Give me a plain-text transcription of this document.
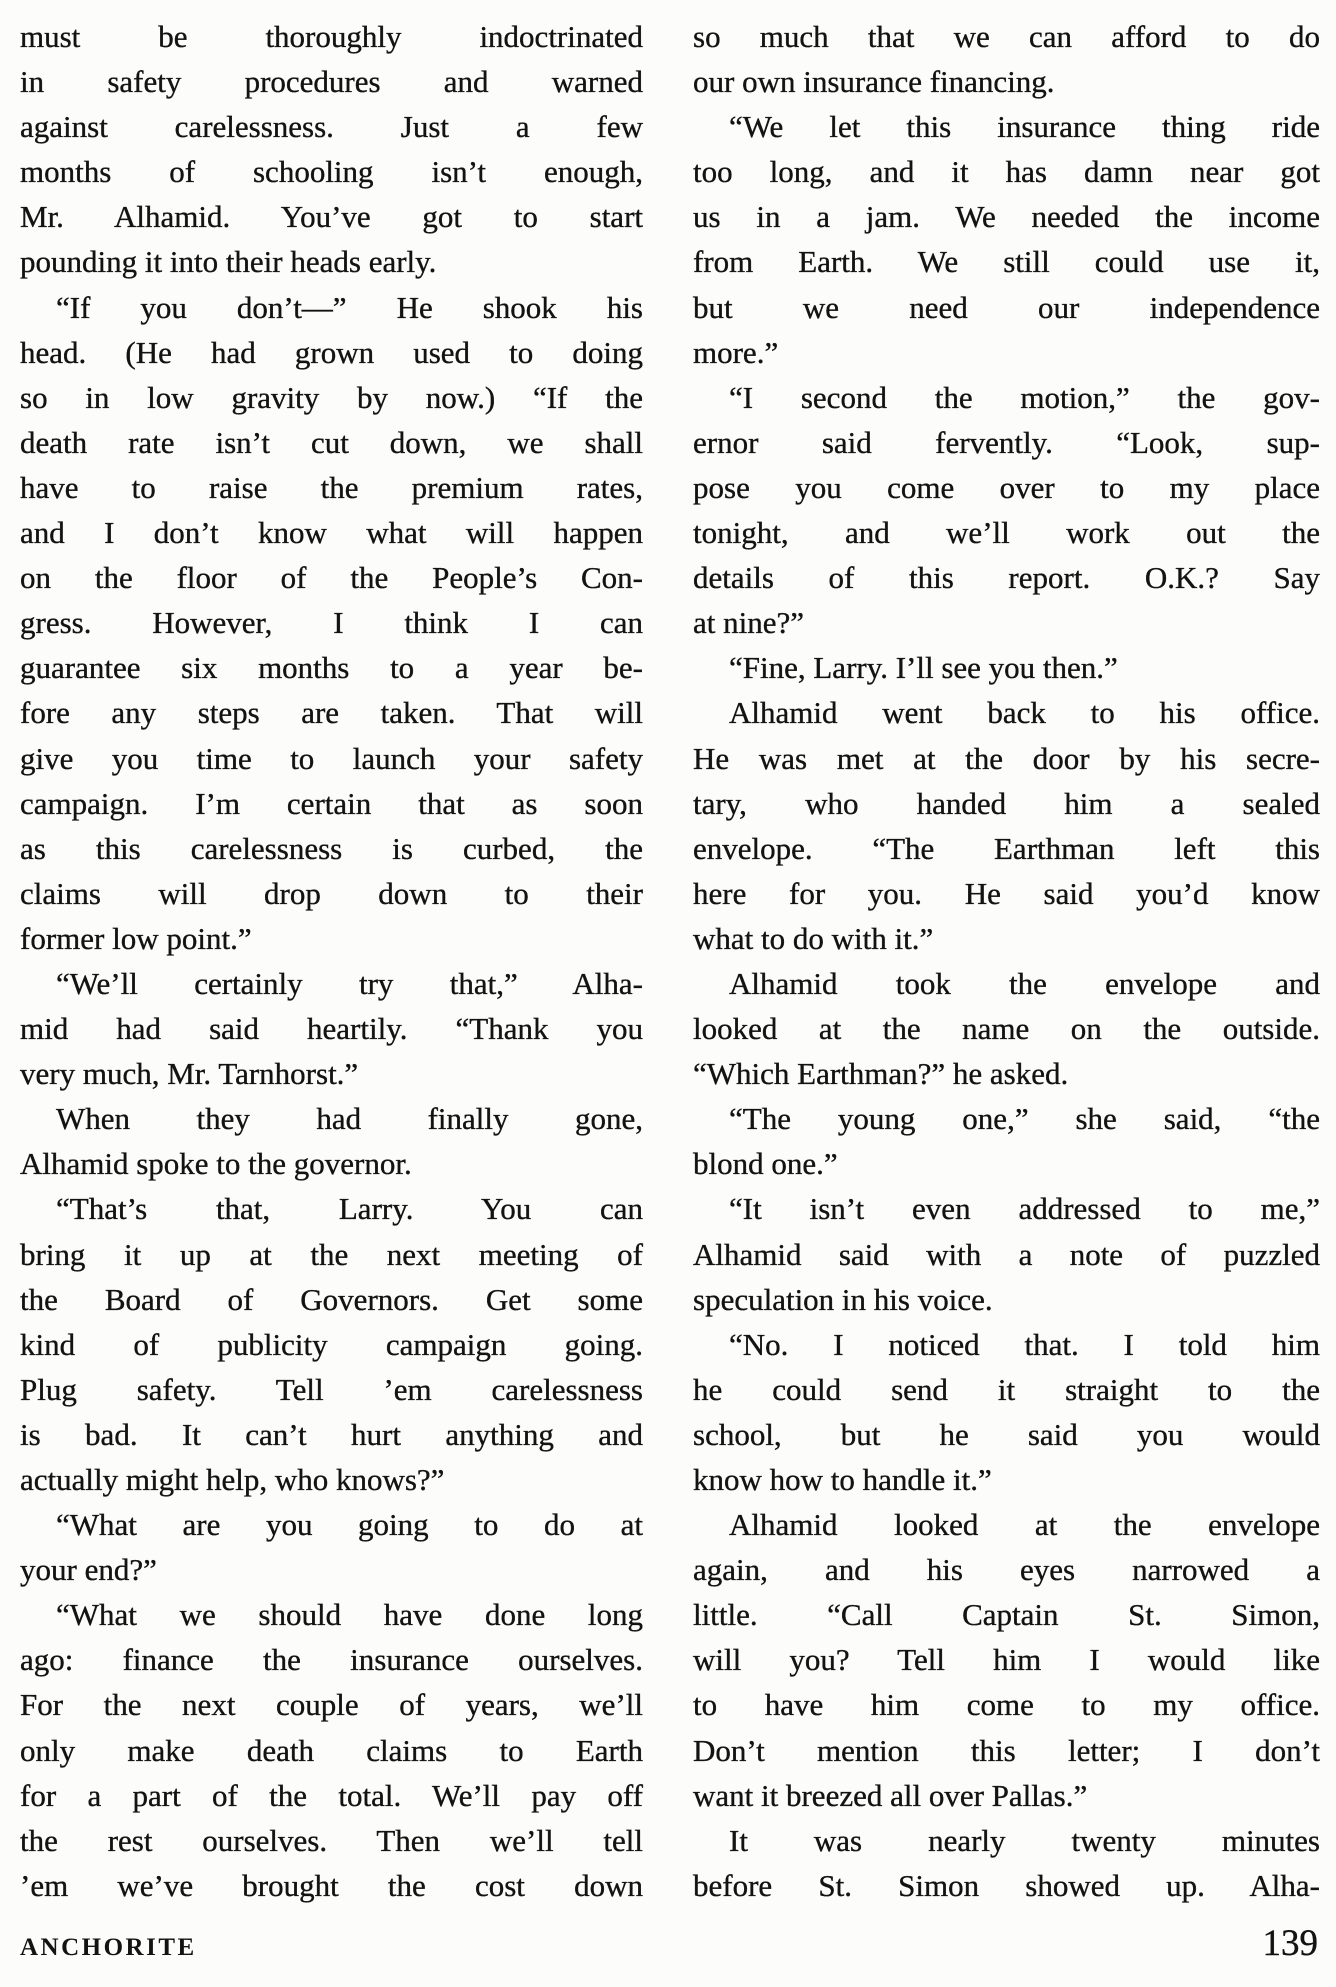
must be thoroughly indoctrinated
in safety procedures and warned
against carelessness. Just a few
months of schooling isn’t enough,
Mr. Alhamid. You’ve got to start
pounding it into their heads early.
“If you don’t—” He shook his
head. (He had grown used to doing
so in low gravity by now.) “If the
death rate isn’t cut down, we shall
have to raise the premium rates,
and I don’t know what will happen
on the floor of the People’s Con-
gress. However, I think I can
guarantee six months to a year be-
fore any steps are taken. That will
give you time to launch your safety
campaign. I’m certain that as soon
as this carelessness is curbed, the
claims will drop down to their
former low point.”
“We’ll certainly try that,” Alha-
mid had said heartily. “Thank you
very much, Mr. Tarnhorst.”
When they had finally gone,
Alhamid spoke to the governor.
“That’s that, Larry. You can
bring it up at the next meeting of
the Board of Governors. Get some
kind of publicity campaign going.
Plug safety. Tell ’em carelessness
is bad. It can’t hurt anything and
actually might help, who knows?”
“What are you going to do at
your end?”
“What we should have done long
ago: finance the insurance ourselves.
For the next couple of years, we’ll
only make death claims to Earth
for a part of the total. We’ll pay off
the rest ourselves. Then we’ll tell
’em we’ve brought the cost down
so much that we can afford to do
our own insurance financing.
“We let this insurance thing ride
too long, and it has damn near got
us in a jam. We needed the income
from Earth. We still could use it,
but we need our independence
more.”
“I second the motion,” the gov-
ernor said fervently. “Look, sup-
pose you come over to my place
tonight, and we’ll work out the
details of this report. O.K.? Say
at nine?”
“Fine, Larry. I’ll see you then.”
Alhamid went back to his office.
He was met at the door by his secre-
tary, who handed him a sealed
envelope. “The Earthman left this
here for you. He said you’d know
what to do with it.”
Alhamid took the envelope and
looked at the name on the outside.
“Which Earthman?” he asked.
“The young one,” she said, “the
blond one.”
“It isn’t even addressed to me,”
Alhamid said with a note of puzzled
speculation in his voice.
“No. I noticed that. I told him
he could send it straight to the
school, but he said you would
know how to handle it.”
Alhamid looked at the envelope
again, and his eyes narrowed a
little. “Call Captain St. Simon,
will you? Tell him I would like
to have him come to my office.
Don’t mention this letter; I don’t
want it breezed all over Pallas.”
It was nearly twenty minutes
before St. Simon showed up. Alha-
ANCHORITE	139
